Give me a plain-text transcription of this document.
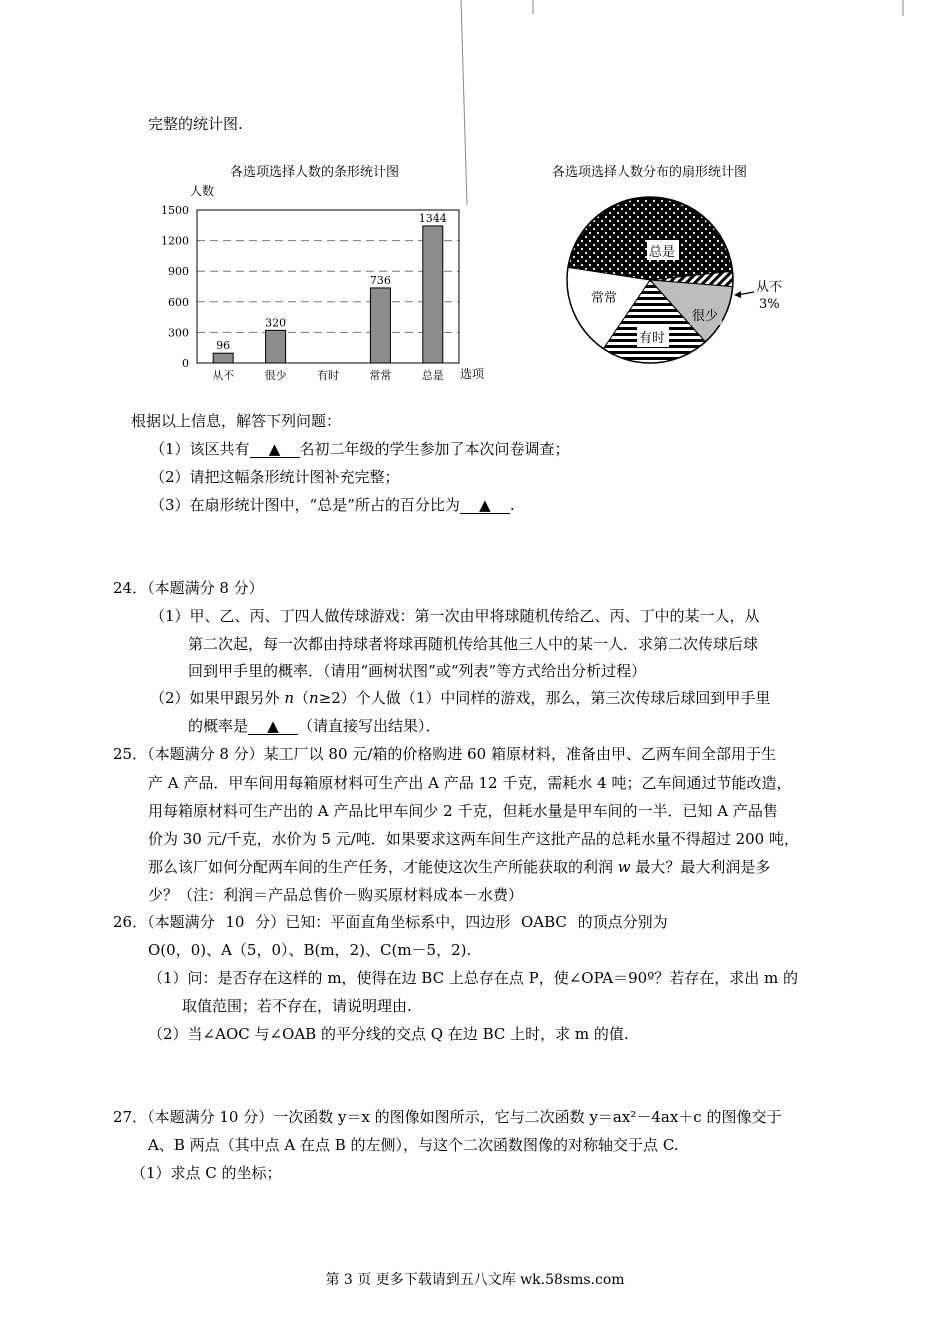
完整的统计图.
各选项选择人数的条形统计图
人数
选项
0
300
600
900
1200
1500
96
从不
320
很少	有时
736
常常
1344
总是
各选项选择人数分布的扇形统计图
总是
常常
有时
很少
从不
3%
根据以上信息，解答下列问题：
（1）该区共有 ▲ 名初二年级的学生参加了本次问卷调查；
（2）请把这幅条形统计图补充完整；
（3）在扇形统计图中，“总是”所占的百分比为 ▲ .
24．（本题满分 8 分）
（1）甲、乙、丙、丁四人做传球游戏：第一次由甲将球随机传给乙、丙、丁中的某一人，从
第二次起，每一次都由持球者将球再随机传给其他三人中的某一人．求第二次传球后球
回到甲手里的概率．（请用“画树状图”或“列表”等方式给出分析过程）
（2）如果甲跟另外 n（n≥2）个人做（1）中同样的游戏，那么，第三次传球后球回到甲手里
的概率是 ▲ （请直接写出结果）．
25．（本题满分 8 分）某工厂以 80 元/箱的价格购进 60 箱原材料，准备由甲、乙两车间全部用于生
产 A 产品．甲车间用每箱原材料可生产出 A 产品 12 千克，需耗水 4 吨；乙车间通过节能改造，
用每箱原材料可生产出的 A 产品比甲车间少 2 千克，但耗水量是甲车间的一半．已知 A 产品售
价为 30 元/千克，水价为 5 元/吨．如果要求这两车间生产这批产品的总耗水量不得超过 200 吨，
那么该厂如何分配两车间的生产任务，才能使这次生产所能获取的利润 w 最大？最大利润是多
少？（注：利润＝产品总售价－购买原材料成本－水费）
26．（本题满分 10 分）已知：平面直角坐标系中，四边形 OABC 的顶点分别为
O(0，0)、A（5，0）、B(m，2)、C(m－5，2).
（1）问：是否存在这样的 m，使得在边 BC 上总存在点 P，使∠OPA＝90º？若存在，求出 m 的
取值范围；若不存在，请说明理由.
（2）当∠AOC 与∠OAB 的平分线的交点 Q 在边 BC 上时，求 m 的值.
27．（本题满分 10 分）一次函数 y＝x 的图像如图所示，它与二次函数 y＝ax²－4ax＋c 的图像交于
A、B 两点（其中点 A 在点 B 的左侧），与这个二次函数图像的对称轴交于点 C.
（1）求点 C 的坐标；
第 3 页 更多下载请到五八文库 wk.58sms.com
